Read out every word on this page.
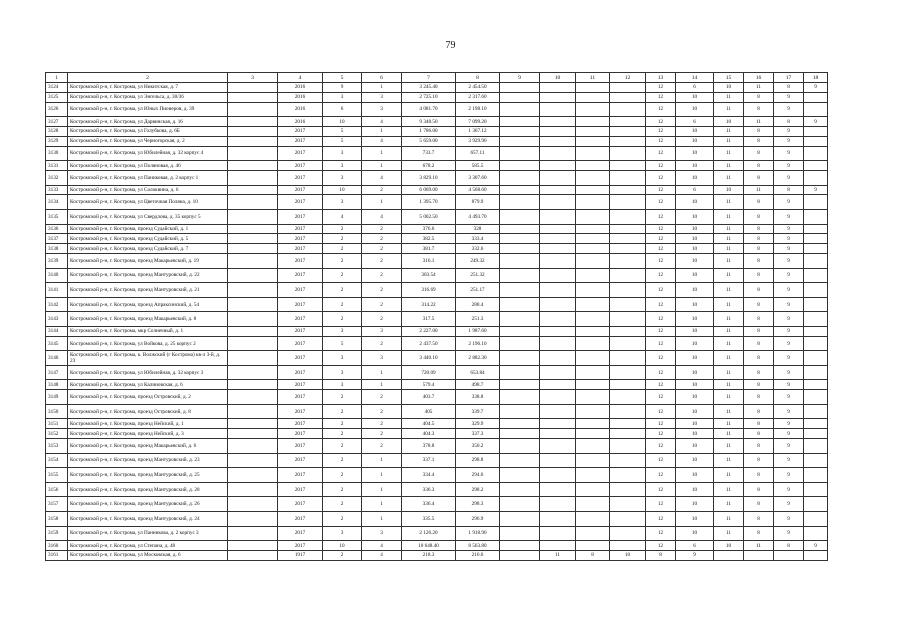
79
1	2	3	4	5	6	7	8	9	10	11	12	13	14	15	16	17	18
3124	Костромской р-н, г. Кострома, ул Никитская, д. 7		2016	9	1	3 245.40	2 454.50					12	6	10	11	8	9
3125	Костромской р-н, г. Кострома, ул Энгельса, д. 30/36		2016	3	3	2 725.10	2 317.60					12	10	11	8	9	
3126	Костромской р-н, г. Кострома, ул Юных Пионеров, д. 39		2016	6	3	4 081.70	2 198.10					12	10	11	8	9	
3127	Костромской р-н, г. Кострома, ул Дарвинская, д. 16		2016	10	4	9 348.50	7 099.20					12	6	10	11	8	9
3128	Костромской р-н, г. Кострома, ул Голубкова, д. 6Б		2017	5	1	1 786.00	1 367.12					12	10	11	8	9	
3129	Костромской р-н, г. Кострома, ул Черногорская, д. 2		2017	5	4	5 659.00	3 929.90					12	10	11	8	9	
3130	Костромской р-н, г. Кострома, ул Юбилейная, д. 32 корпус 4		2017	3	1	733.7	657.11					12	10	11	8	9	
3131	Костромской р-н, г. Кострома, ул Поляновая, д. 46		2017	3	1	678.2	585.5					12	10	11	8	9	
3132	Костромской р-н, г. Кострома, ул Паниковая, д. 2 корпус 1		2017	3	4	3 829.10	3 307.60					12	10	11	8	9	
3133	Костромской р-н, г. Кострома, ул Солоквина, д. 6		2017	10	2	6 069.00	4 568.60					12	6	10	11	8	9
3134	Костромской р-н, г. Кострома, ул Цветочная Поляна, д. 10		2017	3	1	1 395.70	879.9					12	10	11	8	9	
3135	Костромской р-н, г. Кострома, ул Свердлова, д. 35 корпус 5		2017	4	4	5 002.50	4 493.70					12	10	11	8	9	
3136	Костромской р-н, г. Кострома, проезд Судайский, д. 1		2017	2	2	376.6	328					12	10	11	8	9	
3137	Костромской р-н, г. Кострома, проезд Судайский, д. 5		2017	2	2	382.5	333.4					12	10	11	8	9	
3138	Костромской р-н, г. Кострома, проезд Судайский, д. 7		2017	2	2	381.7	332.6					12	10	11	8	9	
3139	Костромской р-н, г. Кострома, проезд Макарьевский, д. 19		2017	2	2	316.1	249.32					12	10	11	8	9	
3140	Костромской р-н, г. Кострома, проезд Мантуровский, д. 22		2017	2	2	303.54	251.32					12	10	11	8	9	
3141	Костромской р-н, г. Кострома, проезд Мантуровский, д. 21		2017	2	2	316.69	251.17					12	10	11	8	9	
3142	Костромской р-н, г. Кострома, проезд Апраксинский, д. 54		2017	2	2	314.22	288.4					12	10	11	8	9	
3143	Костромской р-н, г. Кострома, проезд Макарьевский, д. 8		2017	2	2	317.5	251.3					12	10	11	8	9	
3144	Костромской р-н, г. Кострома, мкр Солнечный, д. 1		2017	3	3	2 227.00	1 987.60					12	10	11	8	9	
3145	Костромской р-н, г. Кострома, ул Войкова, д. 25 корпус 2		2017	5	2	2 437.50	2 196.10					12	10	11	8	9	
3146	Костромской р-н, г. Кострома, к. Волжский (г Кострома) кв-л 3-й, д. 23		2017	3	3	3 440.10	2 882.30					12	10	11	8	9	
3147	Костромской р-н, г. Кострома, ул Юбилейная, д. 32 корпус 3		2017	3	1	720.09	653.84					12	10	11	8	9	
3148	Костромской р-н, г. Кострома, ул Калиновская, д. 6		2017	3	1	579.4	498.7					12	10	11	8	9	
3149	Костромской р-н, г. Кострома, проезд Островский, д. 2		2017	2	2	403.7	338.8					12	10	11	8	9	
3150	Костромской р-н, г. Кострома, проезд Островский, д. 8		2017	2	2	405	339.7					12	10	11	8	9	
3151	Костромской р-н, г. Кострома, проезд Нейский, д. 1		2017	2	2	404.5	329.9					12	10	11	8	9	
3152	Костромской р-н, г. Кострома, проезд Нейский, д. 3		2017	2	2	404.3	337.3					12	10	11	8	9	
3153	Костромской р-н, г. Кострома, проезд Макарьевский, д. 6		2017	2	2	378.8	350.2					12	10	11	8	9	
3154	Костромской р-н, г. Кострома, проезд Мантуровский, д. 23		2017	2	1	337.1	298.8					12	10	11	8	9	
3155	Костромской р-н, г. Кострома, проезд Мантуровский, д. 25		2017	2	1	334.4	294.6					12	10	11	8	9	
3156	Костромской р-н, г. Кострома, проезд Мантуровский, д. 28		2017	2	1	336.3	298.2					12	10	11	8	9	
3157	Костромской р-н, г. Кострома, проезд Мантуровский, д. 26		2017	2	1	336.4	298.3					12	10	11	8	9	
3158	Костромской р-н, г. Кострома, проезд Мантуровский, д. 24		2017	2	1	335.5	296.9					12	10	11	8	9	
3159	Костромской р-н, г. Кострома, ул Панникова, д. 2 корпус 3		2017	3	3	2 126.20	1 918.90					12	10	11	8	9	
3160	Костромской р-н, г. Кострома, ул Степана, д. 48		2017	10	4	10 648.40	8 563.80					12	6	10	11	8	9
3161	Костромской р-н, г. Кострома, ул Московская, д. 6		1917	2	4	218.3	216.6		11	8	10	8	9				
